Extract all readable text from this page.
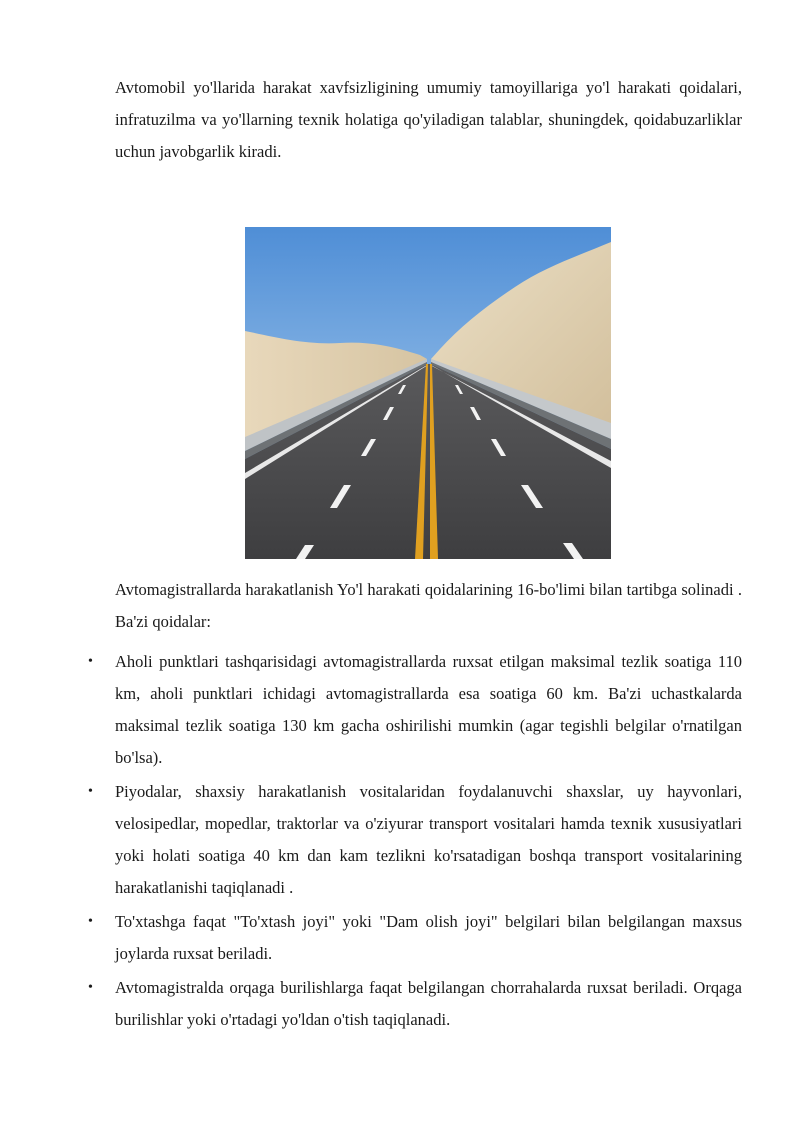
Avtomobil yo'llarida harakat xavfsizligining umumiy tamoyillariga yo'l harakati qoidalari, infratuzilma va yo'llarning texnik holatiga qo'yiladigan talablar, shuningdek, qoidabuzarliklar uchun javobgarlik kiradi.

Avtomagistrallarda harakatlanish Yo'l harakati qoidalarining 16-bo'limi bilan tartibga solinadi . Ba'zi qoidalar:

• Aholi punktlari tashqarisidagi avtomagistrallarda ruxsat etilgan maksimal tezlik soatiga 110 km, aholi punktlari ichidagi avtomagistrallarda esa soatiga 60 km. Ba'zi uchastkalarda maksimal tezlik soatiga 130 km gacha oshirilishi mumkin (agar tegishli belgilar o'rnatilgan bo'lsa).
• Piyodalar, shaxsiy harakatlanish vositalaridan foydalanuvchi shaxslar, uy hayvonlari, velosipedlar, mopedlar, traktorlar va o'ziyurar transport vositalari hamda texnik xususiyatlari yoki holati soatiga 40 km dan kam tezlikni ko'rsatadigan boshqa transport vositalarining harakatlanishi taqiqlanadi .
• To'xtashga faqat "To'xtash joyi" yoki "Dam olish joyi" belgilari bilan belgilangan maxsus joylarda ruxsat beriladi.
• Avtomagistralda orqaga burilishlarga faqat belgilangan chorrahalarda ruxsat beriladi. Orqaga burilishlar yoki o'rtadagi yo'ldan o'tish taqiqlanadi.
